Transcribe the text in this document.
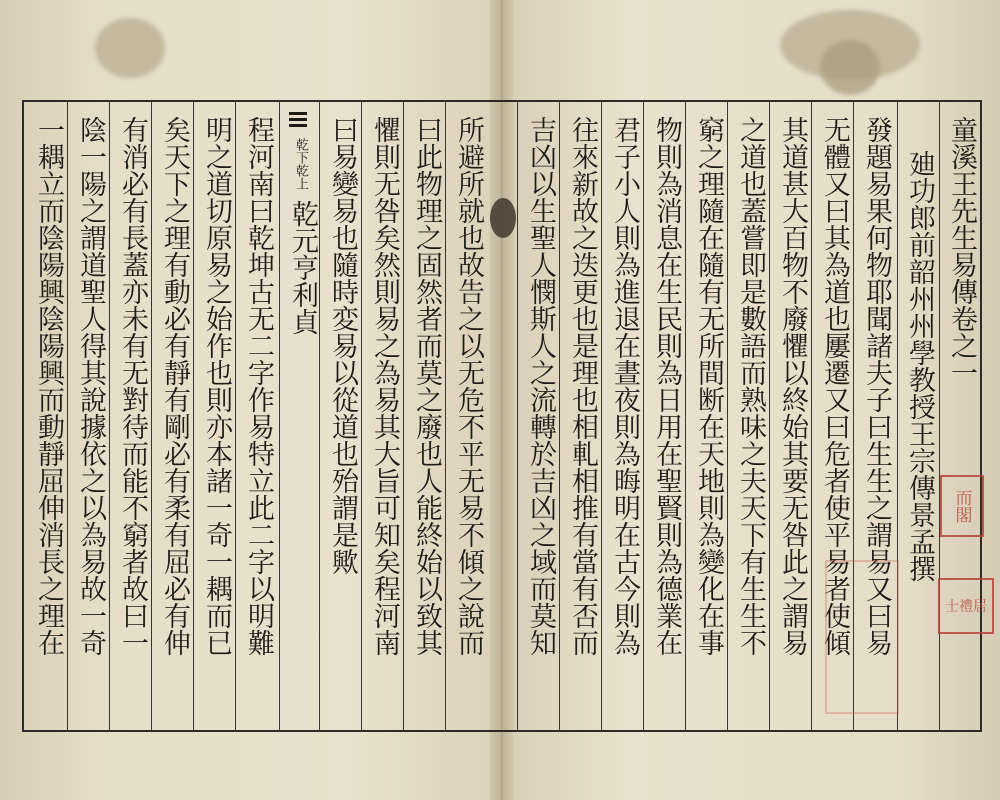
童溪王先生易傳卷之一
廸功郎前韶州州學教授王宗傳景孟撰
發題易果何物耶聞諸夫子曰生生之謂易又曰易
无體又曰其為道也屢遷又曰危者使平易者使傾
其道甚大百物不廢懼以終始其要无咎此之謂易
之道也蓋嘗即是數語而熟味之夫天下有生生不
窮之理隨在隨有无所間断在天地則為變化在事
物則為消息在生民則為日用在聖賢則為德業在
君子小人則為進退在晝夜則為晦明在古今則為
往來新故之迭更也是理也相軋相推有當有否而
吉凶以生聖人憫斯人之流轉於吉凶之域而莫知
所避所就也故告之以无危不平无易不傾之說而
曰此物理之固然者而莫之廢也人能終始以致其
懼則无咎矣然則易之為易其大旨可知矣程河南
曰易變易也隨時変易以從道也殆謂是歟
乾下乾上
乾元亨利貞
程河南曰乾坤古无二字作易特立此二字以明難
明之道切原易之始作也則亦本諸一奇一耦而已
矣天下之理有動必有靜有剛必有柔有屈必有伸
有消必有長蓋亦未有无對待而能不窮者故曰一
陰一陽之謂道聖人得其說據依之以為易故一奇
一耦立而陰陽興陰陽興而動靜屈伸消長之理在	而閣
士禮居
